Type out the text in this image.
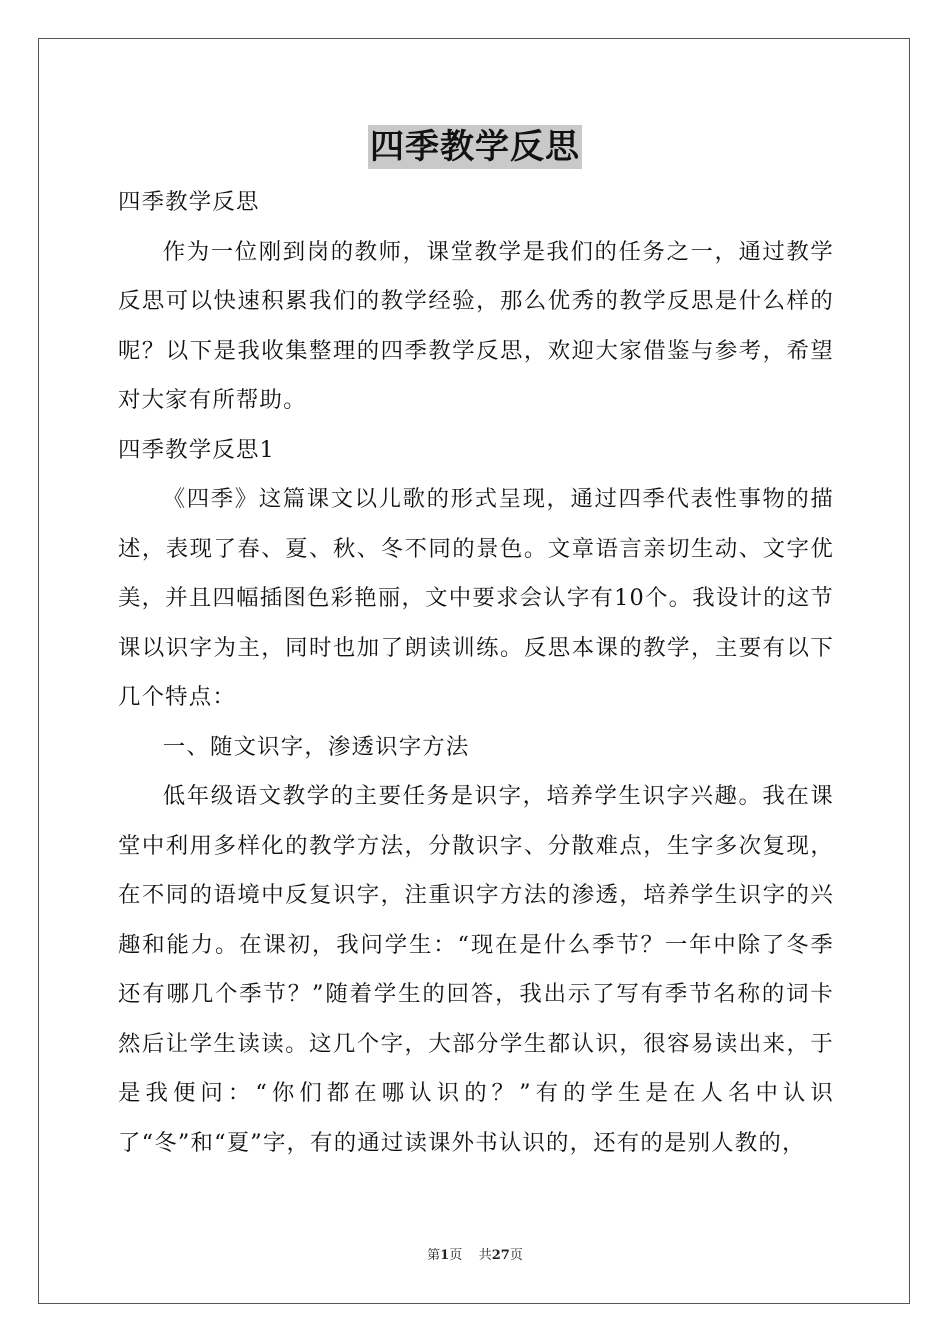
四季教学反思

四季教学反思

作为一位刚到岗的教师，课堂教学是我们的任务之一，通过教学反思可以快速积累我们的教学经验，那么优秀的教学反思是什么样的呢？以下是我收集整理的四季教学反思，欢迎大家借鉴与参考，希望对大家有所帮助。

四季教学反思1

《四季》这篇课文以儿歌的形式呈现，通过四季代表性事物的描述，表现了春、夏、秋、冬不同的景色。文章语言亲切生动、文字优美，并且四幅插图色彩艳丽，文中要求会认字有10个。我设计的这节课以识字为主，同时也加了朗读训练。反思本课的教学，主要有以下几个特点：

一、随文识字，渗透识字方法

低年级语文教学的主要任务是识字，培养学生识字兴趣。我在课堂中利用多样化的教学方法，分散识字、分散难点，生字多次复现，在不同的语境中反复识字，注重识字方法的渗透，培养学生识字的兴趣和能力。在课初，我问学生：“现在是什么季节？一年中除了冬季还有哪几个季节？”随着学生的回答，我出示了写有季节名称的词卡然后让学生读读。这几个字，大部分学生都认识，很容易读出来，于是我便问：“你们都在哪认识的？”有的学生是在人名中认识了“冬”和“夏”字，有的通过读课外书认识的，还有的是别人教的，

第1页 共27页
